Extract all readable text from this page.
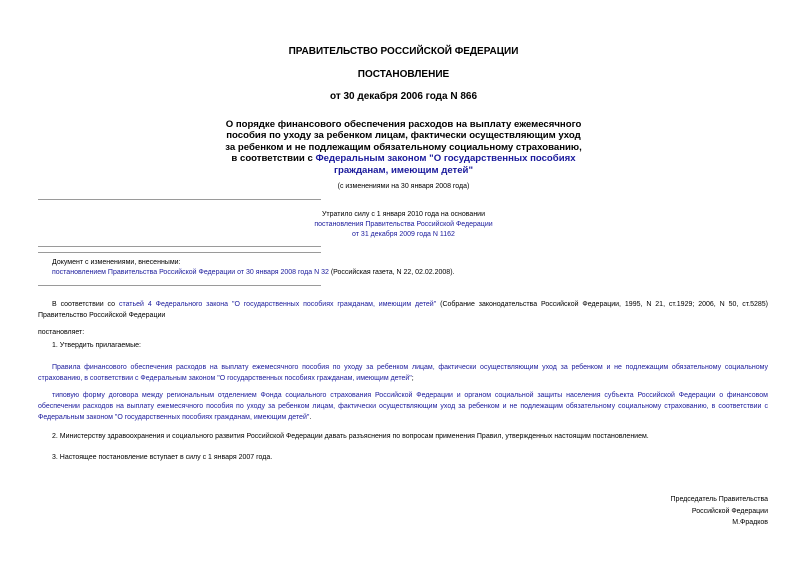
ПРАВИТЕЛЬСТВО РОССИЙСКОЙ ФЕДЕРАЦИИ
ПОСТАНОВЛЕНИЕ
от 30 декабря 2006 года N 866
О порядке финансового обеспечения расходов на выплату ежемесячного
пособия по уходу за ребенком лицам, фактически осуществляющим уход
за ребенком и не подлежащим обязательному социальному страхованию,
в соответствии с Федеральным законом "О государственных пособиях
гражданам, имеющим детей"
(с изменениями на 30 января 2008 года)
Утратило силу с 1 января 2010 года на основании
постановления Правительства Российской Федерации
от 31 декабря 2009 года N 1162
Документ с изменениями, внесенными:
постановлением Правительства Российской Федерации от 30 января 2008 года N 32 (Российская газета, N 22, 02.02.2008).
В соответствии со статьей 4 Федерального закона "О государственных пособиях гражданам, имеющим детей" (Собрание законодательства Российской Федерации, 1995, N 21, ст.1929; 2006, N 50, ст.5285) Правительство Российской Федерации
постановляет:
1. Утвердить прилагаемые:
Правила финансового обеспечения расходов на выплату ежемесячного пособия по уходу за ребенком лицам, фактически осуществляющим уход за ребенком и не подлежащим обязательному социальному страхованию, в соответствии с Федеральным законом "О государственных пособиях гражданам, имеющим детей";
типовую форму договора между региональным отделением Фонда социального страхования Российской Федерации и органом социальной защиты населения субъекта Российской Федерации о финансовом обеспечении расходов на выплату ежемесячного пособия по уходу за ребенком лицам, фактически осуществляющим уход за ребенком и не подлежащим обязательному социальному страхованию, в соответствии с Федеральным законом "О государственных пособиях гражданам, имеющим детей".
2. Министерству здравоохранения и социального развития Российской Федерации давать разъяснения по вопросам применения Правил, утвержденных настоящим постановлением.
3. Настоящее постановление вступает в силу с 1 января 2007 года.
Председатель Правительства
Российской Федерации
М.Фрадков
